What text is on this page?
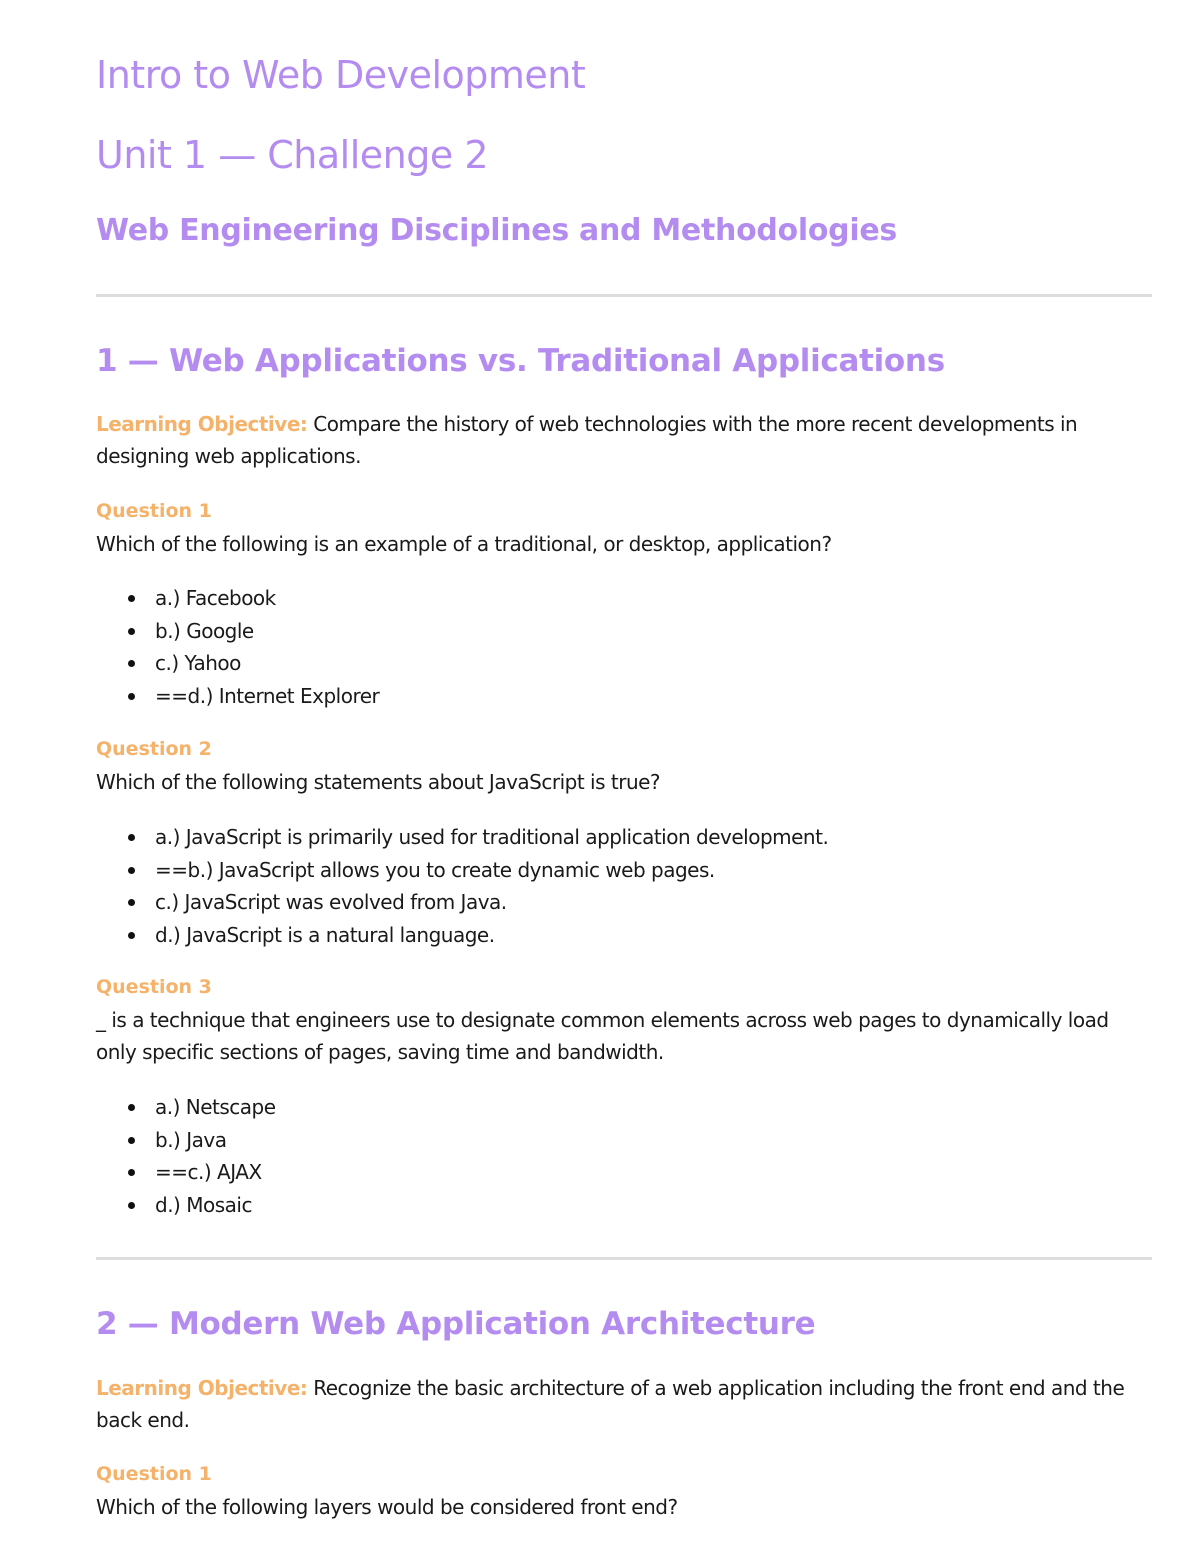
Intro to Web Development
Unit 1 — Challenge 2
Web Engineering Disciplines and Methodologies
1 — Web Applications vs. Traditional Applications
Learning Objective: Compare the history of web technologies with the more recent developments in designing web applications.
Question 1
Which of the following is an example of a traditional, or desktop, application?
a.) Facebook
b.) Google
c.) Yahoo
==d.) Internet Explorer
Question 2
Which of the following statements about JavaScript is true?
a.) JavaScript is primarily used for traditional application development.
==b.) JavaScript allows you to create dynamic web pages.
c.) JavaScript was evolved from Java.
d.) JavaScript is a natural language.
Question 3
_ is a technique that engineers use to designate common elements across web pages to dynamically load only specific sections of pages, saving time and bandwidth.
a.) Netscape
b.) Java
==c.) AJAX
d.) Mosaic
2 — Modern Web Application Architecture
Learning Objective: Recognize the basic architecture of a web application including the front end and the back end.
Question 1
Which of the following layers would be considered front end?
